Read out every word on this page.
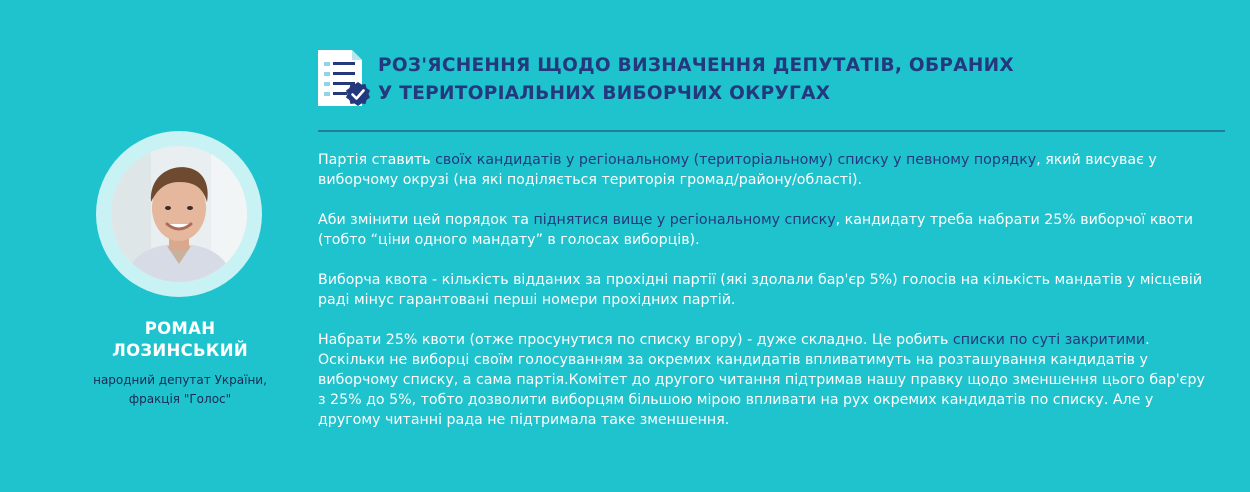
РОЗ'ЯСНЕННЯ ЩОДО ВИЗНАЧЕННЯ ДЕПУТАТІВ, ОБРАНИХ
У ТЕРИТОРІАЛЬНИХ ВИБОРЧИХ ОКРУГАХ
РОМАН
ЛОЗИНСЬКИЙ
народний депутат України,
фракція "Голос"

Партія ставить своїх кандидатів у регіональному (територіальному) списку у певному порядку, який висуває у виборчому окрузі (на які поділяється територія громад/району/області).

Аби змінити цей порядок та піднятися вище у регіональному списку, кандидату треба набрати 25% виборчої квоти (тобто “ціни одного мандату” в голосах виборців).

Виборча квота - кількість відданих за прохідні партії (які здолали бар'єр 5%) голосів на кількість мандатів у місцевій раді мінус гарантовані перші номери прохідних партій.

Набрати 25% квоти (отже просунутися по списку вгору) - дуже складно. Це робить списки по суті закритими. Оскільки не виборці своїм голосуванням за окремих кандидатів впливатимуть на розташування кандидатів у виборчому списку, а сама партія.Комітет до другого читання підтримав нашу правку щодо зменшення цього бар'єру з 25% до 5%, тобто дозволити виборцям більшою мірою впливати на рух окремих кандидатів по списку. Але у другому читанні рада не підтримала таке зменшення.
